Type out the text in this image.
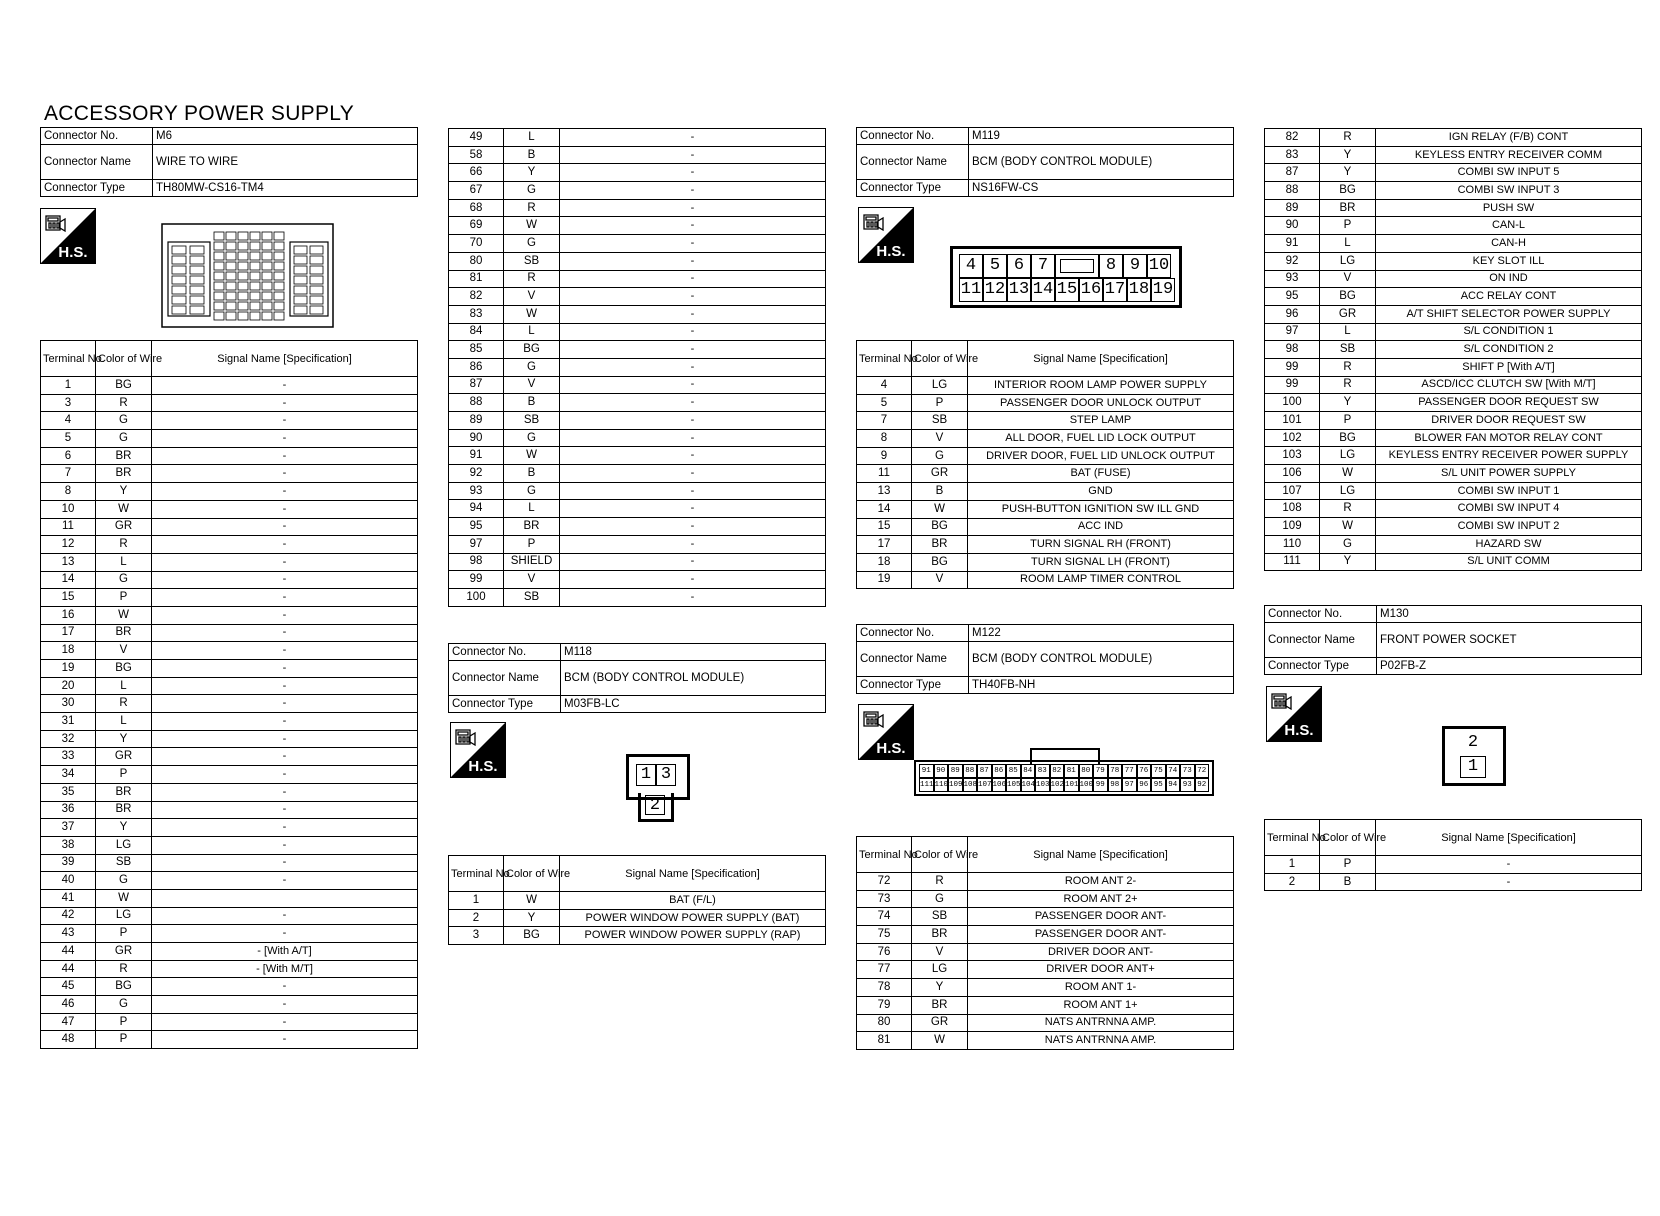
ACCESSORY POWER SUPPLY
Connector No.	M6
Connector Name	WIRE TO WIRE
Connector Type	TH80MW-CS16-TM4
H.S.
Terminal No.	Color of Wire	Signal Name [Specification]
1	BG	-
3	R	-
4	G	-
5	G	-
6	BR	-
7	BR	-
8	Y	-
10	W	-
11	GR	-
12	R	-
13	L	-
14	G	-
15	P	-
16	W	-
17	BR	-
18	V	-
19	BG	-
20	L	-
30	R	-
31	L	-
32	Y	-
33	GR	-
34	P	-
35	BR	-
36	BR	-
37	Y	-
38	LG	-
39	SB	-
40	G	-
41	W	
42	LG	-
43	P	-
44	GR	- [With A/T]
44	R	- [With M/T]
45	BG	-
46	G	-
47	P	-
48	P	-
49	L	-
58	B	-
66	Y	-
67	G	-
68	R	-
69	W	-
70	G	-
80	SB	-
81	R	-
82	V	-
83	W	-
84	L	-
85	BG	-
86	G	-
87	V	-
88	B	-
89	SB	-
90	G	-
91	W	-
92	B	-
93	G	-
94	L	-
95	BR	-
97	P	-
98	SHIELD	-
99	V	-
100	SB	-
Connector No.	M118
Connector Name	BCM (BODY CONTROL MODULE)
Connector Type	M03FB-LC
H.S.	1 3
2
Terminal No.	Color of Wire	Signal Name [Specification]
1	W	BAT (F/L)
2	Y	POWER WINDOW POWER SUPPLY (BAT)
3	BG	POWER WINDOW POWER SUPPLY (RAP)
Connector No.	M119
Connector Name	BCM (BODY CONTROL MODULE)
Connector Type	NS16FW-CS
H.S.
4 5 6 7	8 9 10
11 12 13 14 15 16 17 18 19
Terminal No.	Color of Wire	Signal Name [Specification]
4	LG	INTERIOR ROOM LAMP POWER SUPPLY
5	P	PASSENGER DOOR UNLOCK OUTPUT
7	SB	STEP LAMP
8	V	ALL DOOR, FUEL LID LOCK OUTPUT
9	G	DRIVER DOOR, FUEL LID UNLOCK OUTPUT
11	GR	BAT (FUSE)
13	B	GND
14	W	PUSH-BUTTON IGNITION SW ILL GND
15	BG	ACC IND
17	BR	TURN SIGNAL RH (FRONT)
18	BG	TURN SIGNAL LH (FRONT)
19	V	ROOM LAMP TIMER CONTROL
Connector No.	M122
Connector Name	BCM (BODY CONTROL MODULE)
Connector Type	TH40FB-NH
H.S.
91 90 89 88 87 86 85 84 83 82 81 80 79 78 77 76 75 74 73 72
111110109108107106105104103102101100 99 98 97 96 95 94 93 92
Terminal No.	Color of Wire	Signal Name [Specification]
72	R	ROOM ANT 2-
73	G	ROOM ANT 2+
74	SB	PASSENGER DOOR ANT-
75	BR	PASSENGER DOOR ANT-
76	V	DRIVER DOOR ANT-
77	LG	DRIVER DOOR ANT+
78	Y	ROOM ANT 1-
79	BR	ROOM ANT 1+
80	GR	NATS ANTRNNA AMP.
81	W	NATS ANTRNNA AMP.
82	R	IGN RELAY (F/B) CONT
83	Y	KEYLESS ENTRY RECEIVER COMM
87	Y	COMBI SW INPUT 5
88	BG	COMBI SW INPUT 3
89	BR	PUSH SW
90	P	CAN-L
91	L	CAN-H
92	LG	KEY SLOT ILL
93	V	ON IND
95	BG	ACC RELAY CONT
96	GR	A/T SHIFT SELECTOR POWER SUPPLY
97	L	S/L CONDITION 1
98	SB	S/L CONDITION 2
99	R	SHIFT P [With A/T]
99	R	ASCD/ICC CLUTCH SW [With M/T]
100	Y	PASSENGER DOOR REQUEST SW
101	P	DRIVER DOOR REQUEST SW
102	BG	BLOWER FAN MOTOR RELAY CONT
103	LG	KEYLESS ENTRY RECEIVER POWER SUPPLY
106	W	S/L UNIT POWER SUPPLY
107	LG	COMBI SW INPUT 1
108	R	COMBI SW INPUT 4
109	W	COMBI SW INPUT 2
110	G	HAZARD SW
111	Y	S/L UNIT COMM
Connector No.	M130
Connector Name	FRONT POWER SOCKET
Connector Type	P02FB-Z
H.S.
2
1
Terminal No.	Color of Wire	Signal Name [Specification]
1	P	-
2	B	-
